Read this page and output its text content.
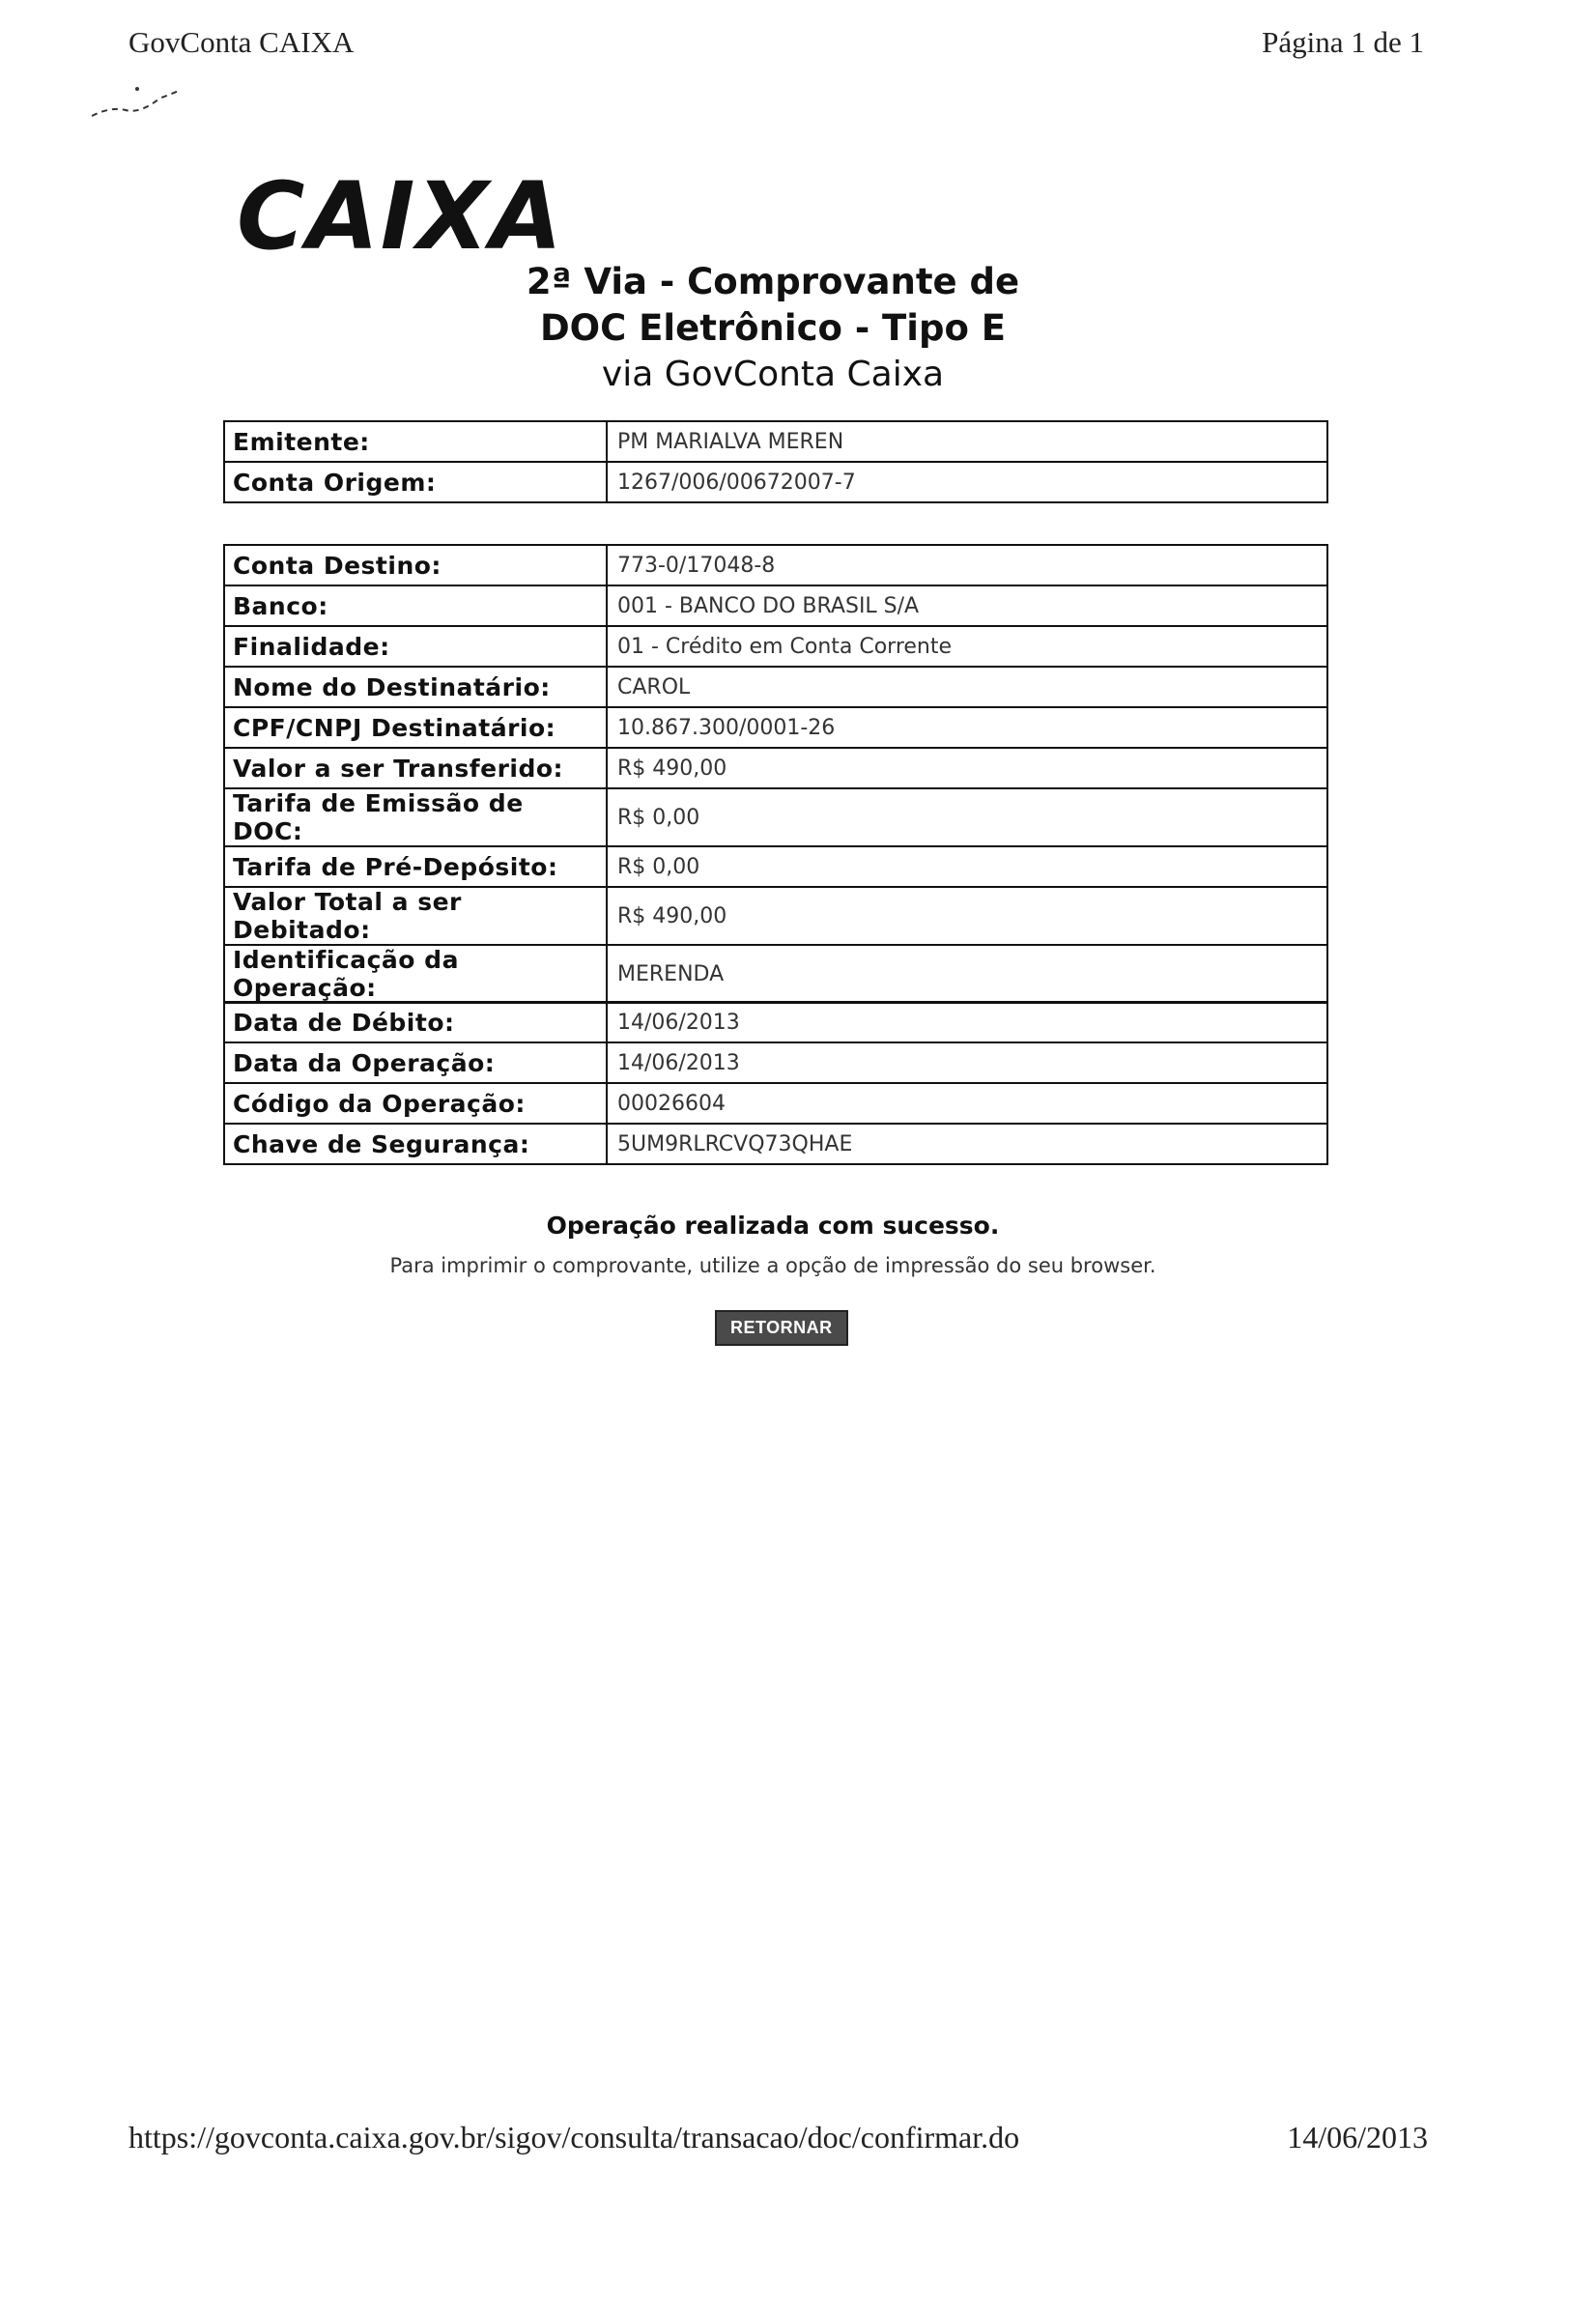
GovConta CAIXA	Página 1 de 1
CAIXA
2ª Via - Comprovante de
DOC Eletrônico - Tipo E
via GovConta Caixa
Emitente:	PM MARIALVA MEREN
Conta Origem:	1267/006/00672007-7
Conta Destino:	773-0/17048-8
Banco:	001 - BANCO DO BRASIL S/A
Finalidade:	01 - Crédito em Conta Corrente
Nome do Destinatário:	CAROL
CPF/CNPJ Destinatário:	10.867.300/0001-26
Valor a ser Transferido:	R$ 490,00
Tarifa de Emissão de DOC:	R$ 0,00
Tarifa de Pré-Depósito:	R$ 0,00
Valor Total a ser Debitado:	R$ 490,00
Identificação da Operação:	MERENDA
Data de Débito:	14/06/2013
Data da Operação:	14/06/2013
Código da Operação:	00026604
Chave de Segurança:	5UM9RLRCVQ73QHAE
Operação realizada com sucesso.
Para imprimir o comprovante, utilize a opção de impressão do seu browser.
RETORNAR
https://govconta.caixa.gov.br/sigov/consulta/transacao/doc/confirmar.do	14/06/2013
